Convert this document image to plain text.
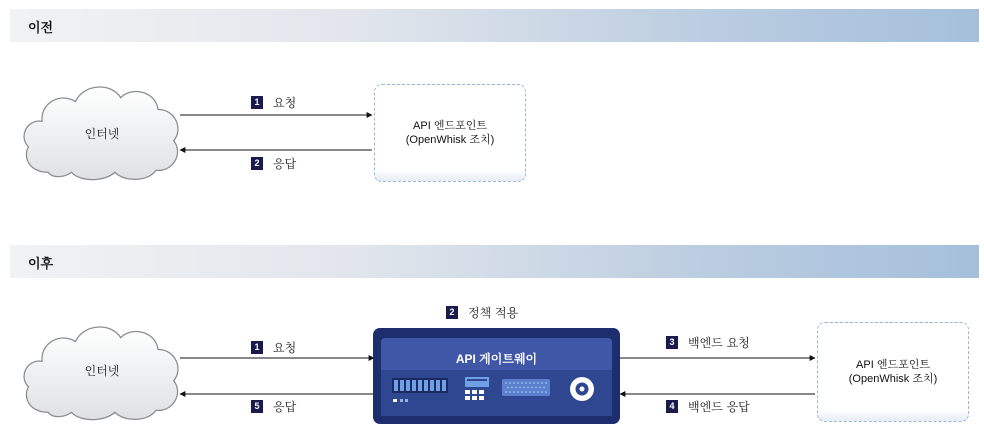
이전
이후
인터넷
1 요청
2 응답
API 엔드포인트
(OpenWhisk 조치)
인터넷
2 정책 적용
1 요청
5 응답
API 게이트웨이
3 백엔드 요청
4 백엔드 응답
API 엔드포인트
(OpenWhisk 조치)
